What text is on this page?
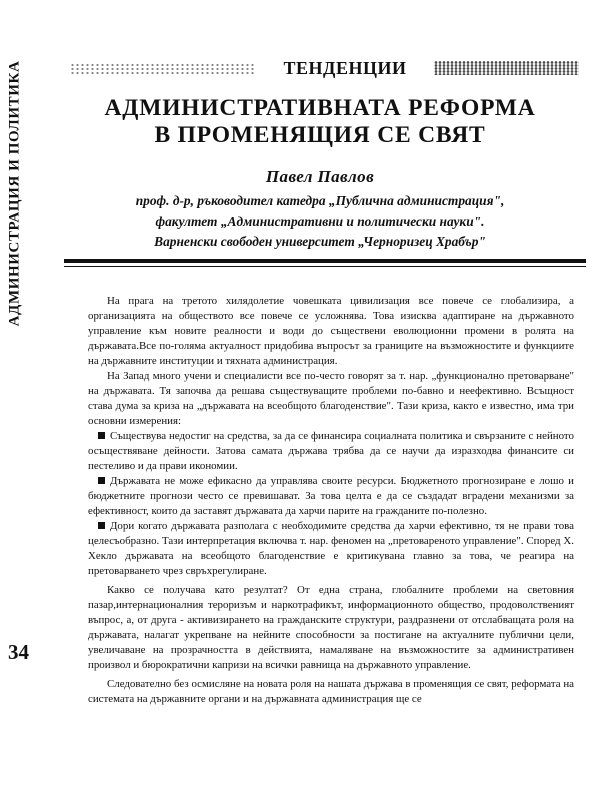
АДМИНИСТРАЦИЯ И ПОЛИТИКА
34
ТЕНДЕНЦИИ
АДМИНИСТРАТИВНАТА РЕФОРМА
В ПРОМЕНЯЩИЯ СЕ СВЯТ
Павел Павлов
проф. д-р, ръководител катедра „Публична администрация",
факултет „Административни и политически науки".
Варненски свободен университет „Черноризец Храбър"

На прага на третото хилядолетие човешката цивилизация все повече се глобализира, а организацията на обществото все повече се усложнява. Това изисква адаптиране на държавното управление към новите реалности и води до съществени еволюционни промени в ролята на държавата.Все по-голяма актуалност придобива въпросът за границите на възможностите и функциите на държавните институции и тяхната администрация.

На Запад много учени и специалисти все по-често говорят за т. нар. „функционално претоварване" на държавата. Тя започва да решава съществуващите проблеми по-бавно и неефективно. Всъщност става дума за криза на „държавата на всеобщото благоденствие". Тази криза, както е известно, има три основни измерения:

Съществува недостиг на средства, за да се финансира социалната политика и свързаните с нейното осъществяване дейности. Затова самата държава трябва да се научи да изразходва финансите си пестеливо и да прави икономии.

Държавата не може ефикасно да управлява своите ресурси. Бюджетното прогнозиране е лошо и бюджетните прогнози често се превишават. За това целта е да се създадат вградени механизми за ефективност, които да заставят държавата да харчи парите на гражданите по-полезно.

Дори когато държавата разполага с необходимите средства да харчи ефективно, тя не прави това целесъобразно. Тази интерпретация включва т. нар. феномен на „претовареното управление". Според Х. Хекло държавата на всеобщото благоденствие е критикувана главно за това, че реагира на претоварването чрез свръхрегулиране.

Какво се получава като резултат? От една страна, глобалните проблеми на световния пазар,интернационалния тероризъм и наркотрафикът, информационното общество, продоволственият въпрос, а, от друга - активизирането на гражданските структури, раздразнени от отслабващата роля на държавата, налагат укрепване на нейните способности за постигане на актуалните публични цели, увеличаване на прозрачността в действията, намаляване на възможностите за административен произвол и бюрократични капризи на всички равнища на държавното управление.

Следователно без осмисляне на новата роля на нашата държава в променящия се свят, реформата на системата на държавните органи и на държавната администрация ще се
